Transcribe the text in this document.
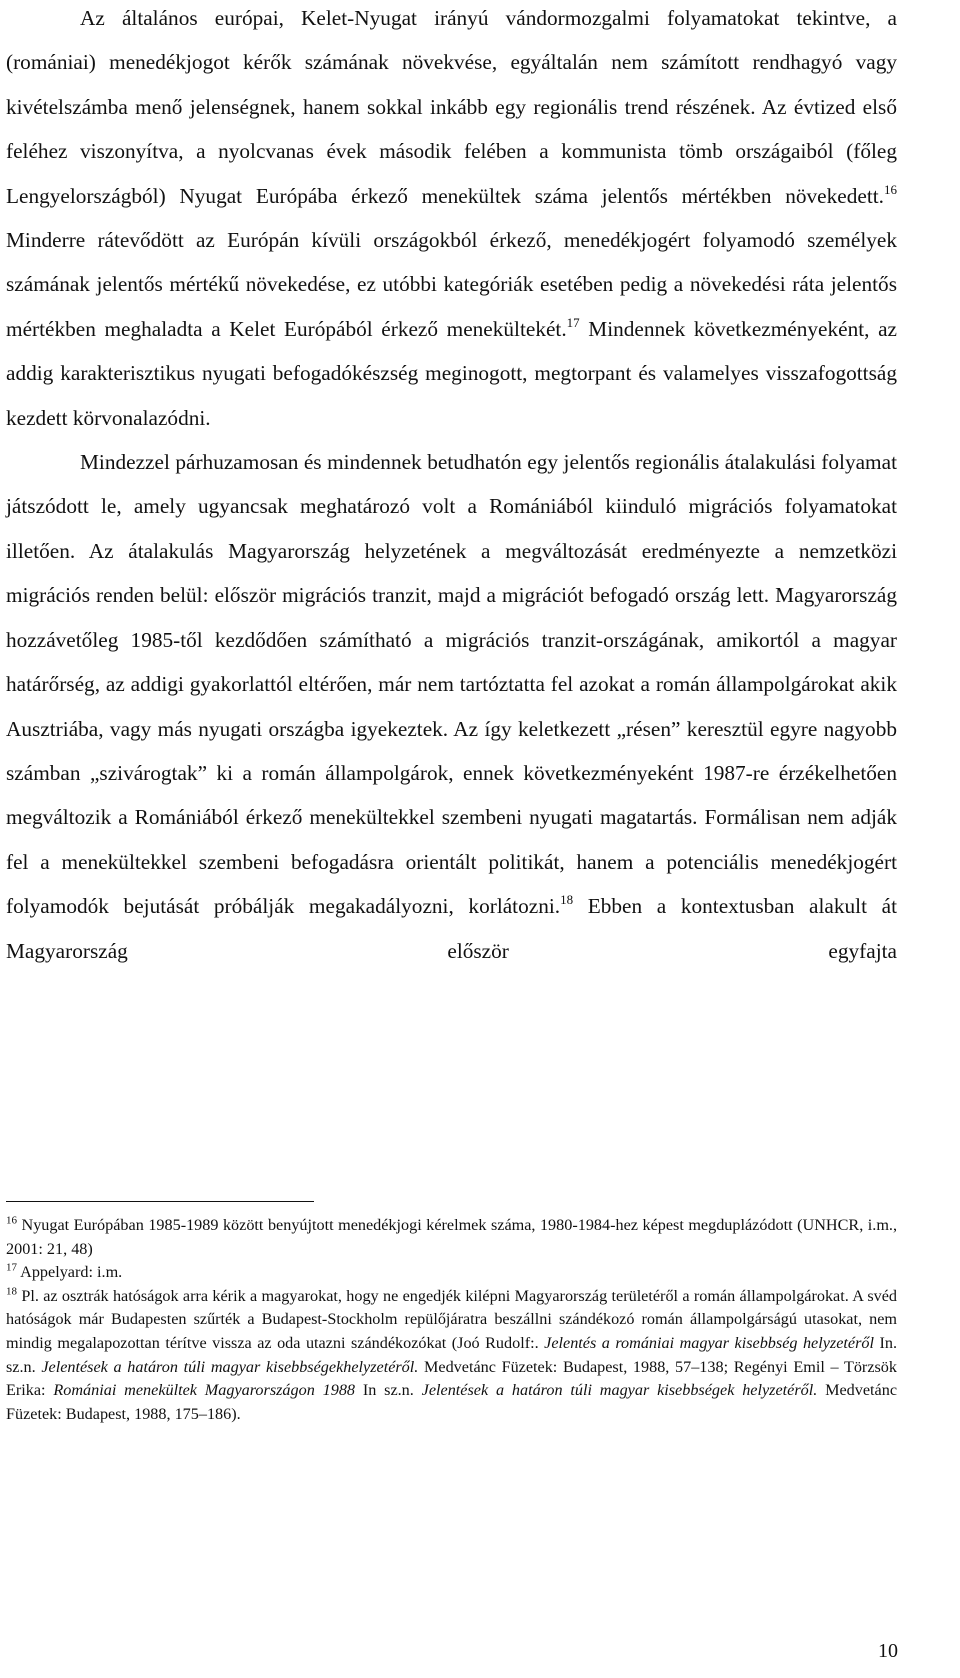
Az általános európai, Kelet-Nyugat irányú vándormozgalmi folyamatokat tekintve, a (romániai) menedékjogot kérők számának növekvése, egyáltalán nem számított rendhagyó vagy kivételszámba menő jelenségnek, hanem sokkal inkább egy regionális trend részének. Az évtized első feléhez viszonyítva, a nyolcvanas évek második felében a kommunista tömb országaiból (főleg Lengyelországból) Nyugat Európába érkező menekültek száma jelentős mértékben növekedett.$^{16}$ Minderre rátevődött az Európán kívüli országokból érkező, menedékjogért folyamodó személyek számának jelentős mértékű növekedése, ez utóbbi kategóriák esetében pedig a növekedési ráta jelentős mértékben meghaladta a Kelet Európából érkező menekültekét.$^{17}$ Mindennek következményeként, az addig karakterisztikus nyugati befogadókészség meginogott, megtorpant és valamelyes visszafogottság kezdett körvonalazódni.

Mindezzel párhuzamosan és mindennek betudhatón egy jelentős regionális átalakulási folyamat játszódott le, amely ugyancsak meghatározó volt a Romániából kiinduló migrációs folyamatokat illetően. Az átalakulás Magyarország helyzetének a megváltozását eredményezte a nemzetközi migrációs renden belül: először migrációs tranzit, majd a migrációt befogadó ország lett. Magyarország hozzávetőleg 1985-től kezdődően számítható a migrációs tranzit-országának, amikortól a magyar határőrség, az addigi gyakorlattól eltérően, már nem tartóztatta fel azokat a román állampolgárokat akik Ausztriába, vagy más nyugati országba igyekeztek. Az így keletkezett „résen” keresztül egyre nagyobb számban „szivárogtak” ki a román állampolgárok, ennek következményeként 1987-re érzékelhetően megváltozik a Romániából érkező menekültekkel szembeni nyugati magatartás. Formálisan nem adják fel a menekültekkel szembeni befogadásra orientált politikát, hanem a potenciális menedékjogért folyamodók bejutását próbálják megakadályozni, korlátozni.$^{18}$ Ebben a kontextusban alakult át Magyarország először egyfajta

$^{16}$ Nyugat Európában 1985-1989 között benyújtott menedékjogi kérelmek száma, 1980-1984-hez képest megduplázódott (UNHCR, i.m., 2001: 21, 48)

$^{17}$ Appelyard: i.m.

$^{18}$ Pl. az osztrák hatóságok arra kérik a magyarokat, hogy ne engedjék kilépni Magyarország területéről a román állampolgárokat. A svéd hatóságok már Budapesten szűrték a Budapest-Stockholm repülőjáratra beszállni szándékozó román állampolgárságú utasokat, nem mindig megalapozottan térítve vissza az oda utazni szándékozókat (Joó Rudolf:. Jelentés a romániai magyar kisebbség helyzetéről In. sz.n. Jelentések a határon túli magyar kisebbségekhelyzetéről. Medvetánc Füzetek: Budapest, 1988, 57–138; Regényi Emil – Törzsök Erika: Romániai menekültek Magyarországon 1988 In sz.n. Jelentések a határon túli magyar kisebbségek helyzetéről. Medvetánc Füzetek: Budapest, 1988, 175–186).

10
